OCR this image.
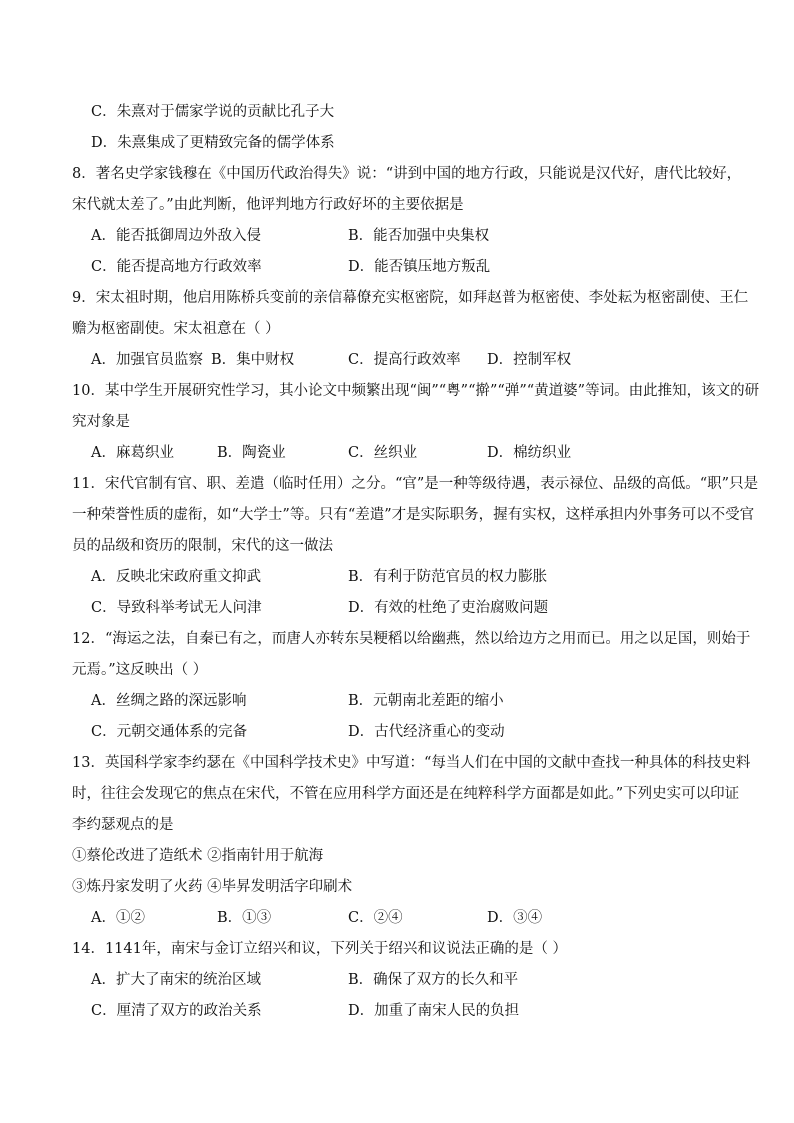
C．朱熹对于儒家学说的贡献比孔子大
D．朱熹集成了更精致完备的儒学体系
8．著名史学家钱穆在《中国历代政治得失》说：“讲到中国的地方行政，只能说是汉代好，唐代比较好，
宋代就太差了。”由此判断，他评判地方行政好坏的主要依据是
A．能否抵御周边外敌入侵	B．能否加强中央集权
C．能否提高地方行政效率	D．能否镇压地方叛乱
9．宋太祖时期，他启用陈桥兵变前的亲信幕僚充实枢密院，如拜赵普为枢密使、李处耘为枢密副使、王仁
赡为枢密副使。宋太祖意在（ ）
A．加强官员监察 B．集中财权	C．提高行政效率 D．控制军权
10．某中学生开展研究性学习，其小论文中频繁出现“闽”“粤”“擀”“弹”“黄道婆”等词。由此推知，该文的研
究对象是
A．麻葛织业	B．陶瓷业	C．丝织业	D．棉纺织业
11．宋代官制有官、职、差遣（临时任用）之分。“官”是一种等级待遇，表示禄位、品级的高低。“职”只是
一种荣誉性质的虚衔，如“大学士”等。只有“差遣”才是实际职务，握有实权，这样承担内外事务可以不受官
员的品级和资历的限制，宋代的这一做法
A．反映北宋政府重文抑武	B．有利于防范官员的权力膨胀
C．导致科举考试无人问津	D．有效的杜绝了吏治腐败问题
12．“海运之法，自秦已有之，而唐人亦转东吴粳稻以给幽燕，然以给边方之用而已。用之以足国，则始于
元焉。”这反映出（ ）
A．丝绸之路的深远影响	B．元朝南北差距的缩小
C．元朝交通体系的完备	D．古代经济重心的变动
13．英国科学家李约瑟在《中国科学技术史》中写道：“每当人们在中国的文献中查找一种具体的科技史料
时，往往会发现它的焦点在宋代，不管在应用科学方面还是在纯粹科学方面都是如此。”下列史实可以印证
李约瑟观点的是
①蔡伦改进了造纸术 ②指南针用于航海
③炼丹家发明了火药 ④毕昇发明活字印刷术
A．①②	B．①③	C．②④	D．③④
14．1141年，南宋与金订立绍兴和议，下列关于绍兴和议说法正确的是（ ）
A．扩大了南宋的统治区域	B．确保了双方的长久和平
C．厘清了双方的政治关系	D．加重了南宋人民的负担
